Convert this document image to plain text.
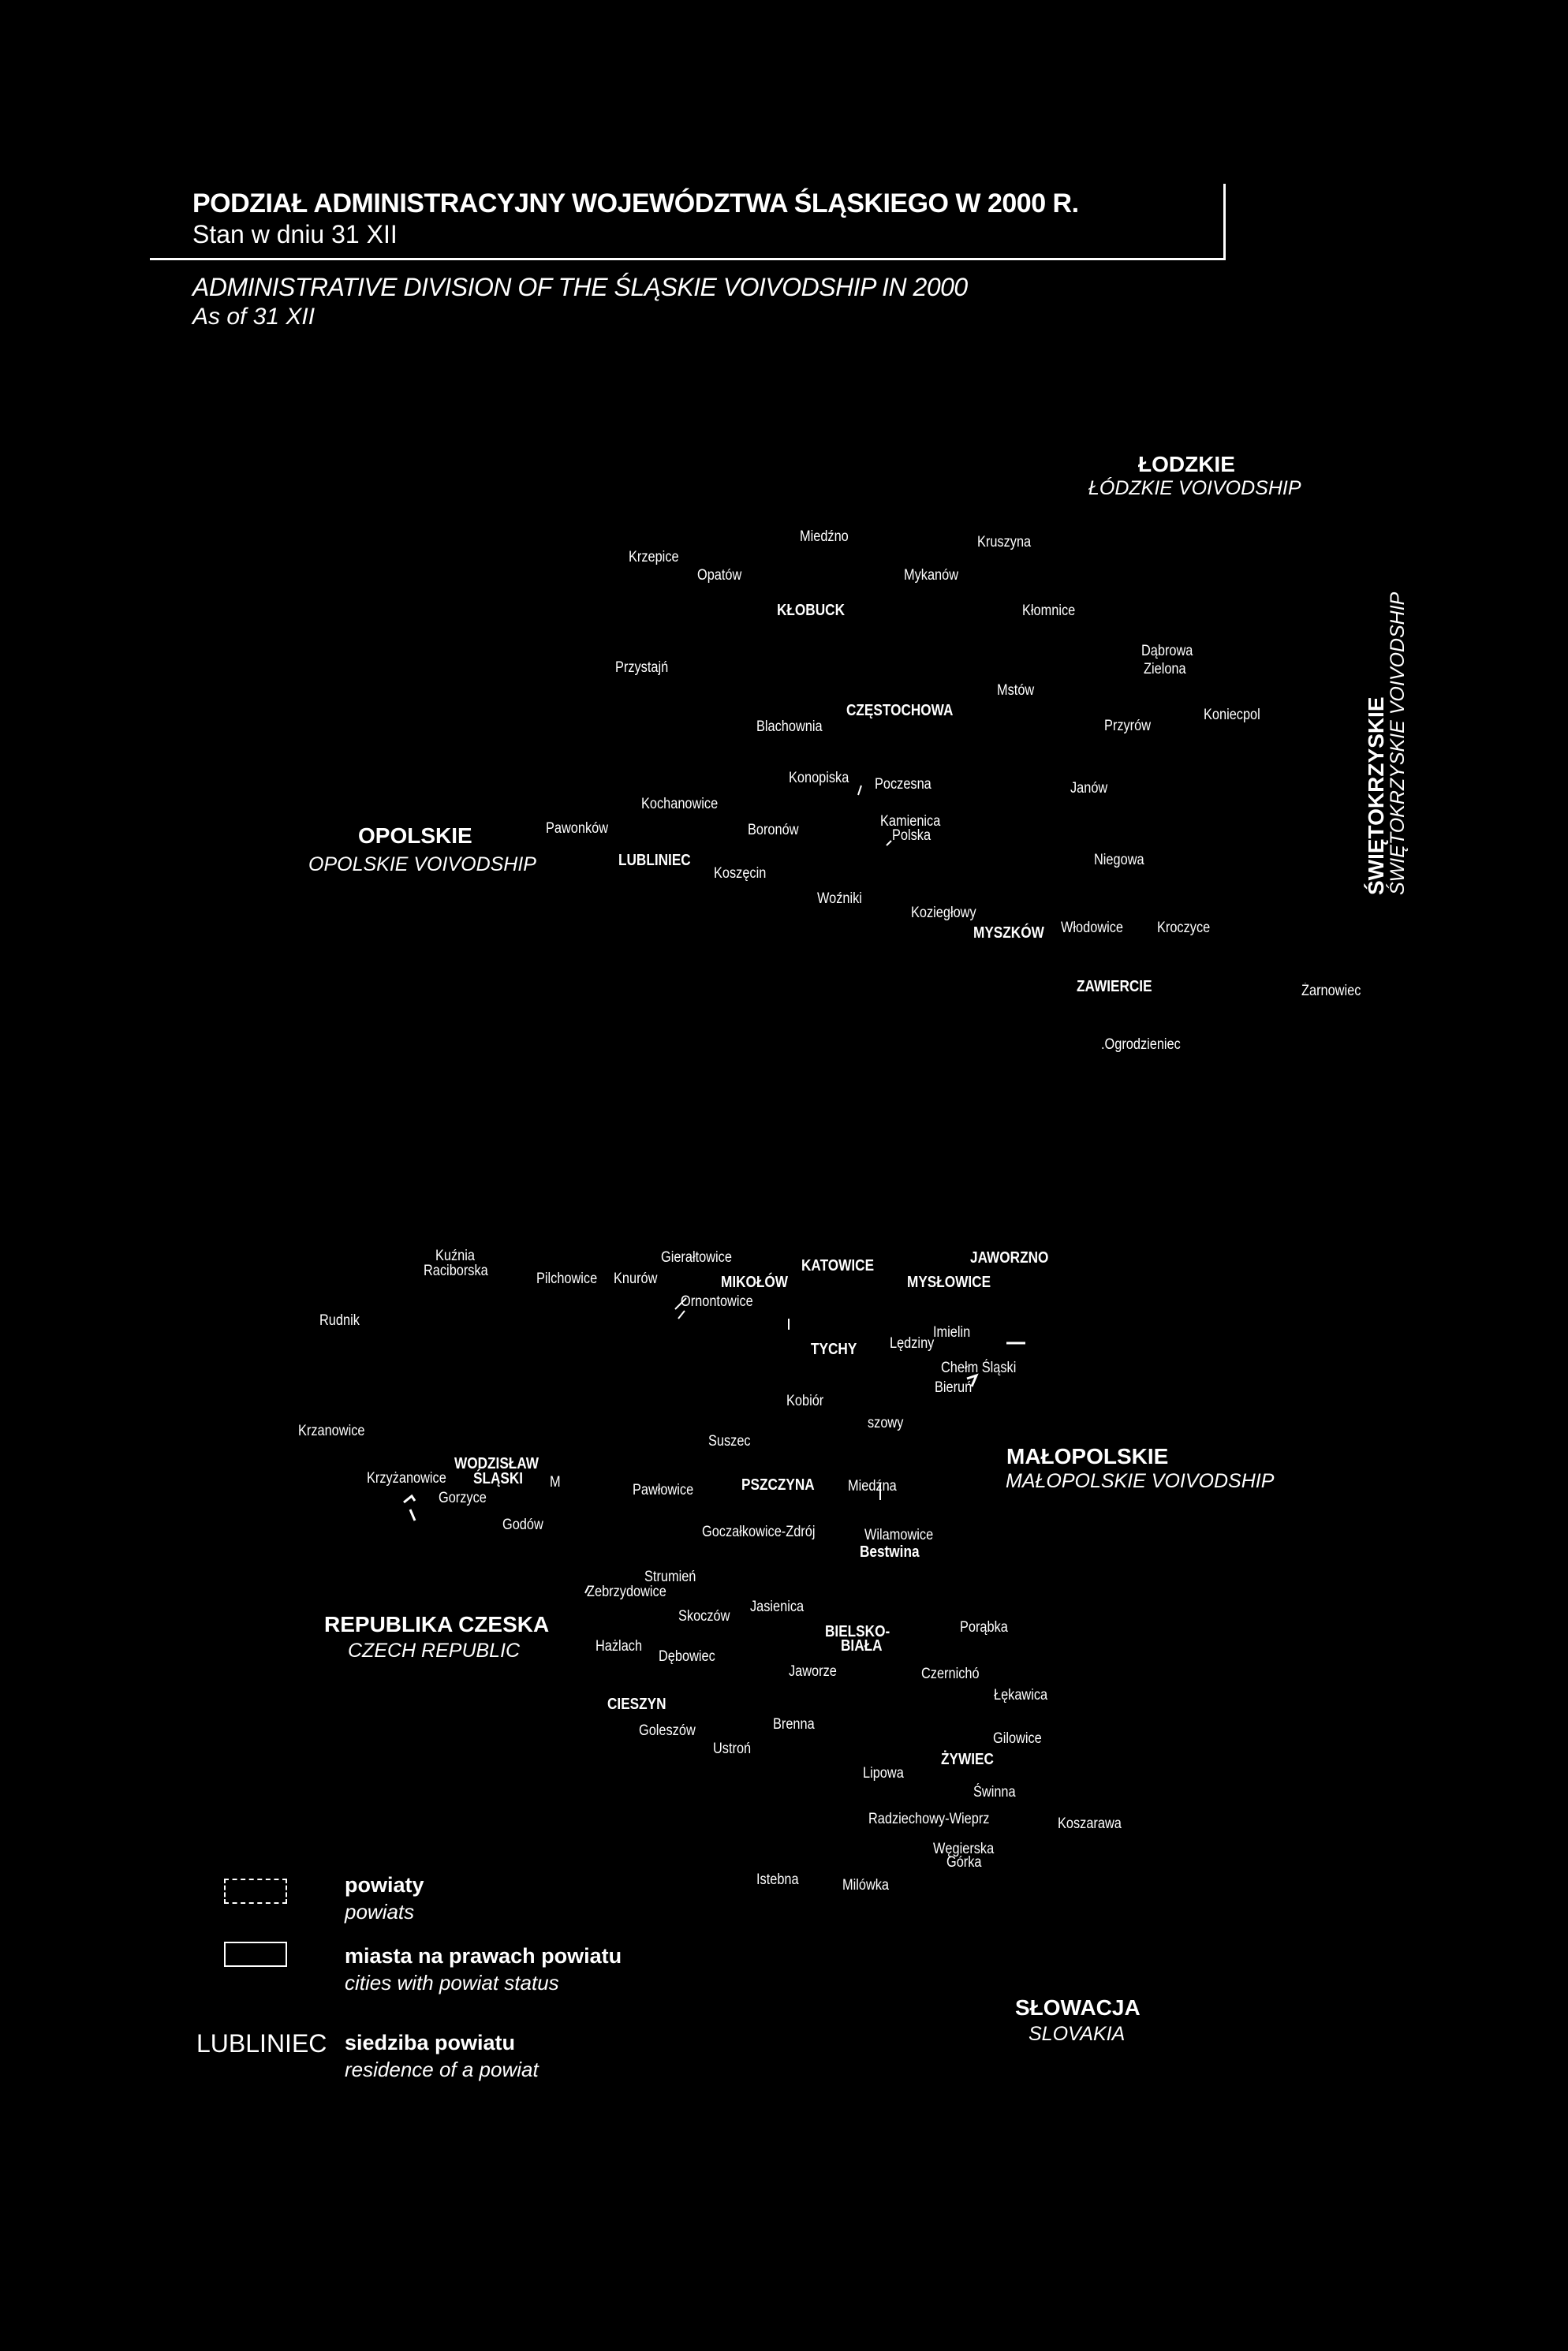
PODZIAŁ ADMINISTRACYJNY WOJEWÓDZTWA ŚLĄSKIEGO W 2000 R.
Stan w dniu 31 XII
ADMINISTRATIVE DIVISION OF THE ŚLĄSKIE VOIVODSHIP IN 2000
As of 31 XII
ŁODZKIE
ŁÓDZKIE VOIVODSHIP
OPOLSKIE
OPOLSKIE VOIVODSHIP	ŚWIĘTOKRZYSKIE
ŚWIĘTOKRZYSKIE VOIVODSHIP
MAŁOPOLSKIE
MAŁOPOLSKIE VOIVODSHIP
REPUBLIKA CZESKA
CZECH REPUBLIC
SŁOWACJA
SLOVAKIA
Krzepice
Opatów
Miedźno
Mykanów
Kruszyna
Kłomnice
Przystajń
Blachownia
Mstów
Dąbrowa
Zielona
Przyrów
Koniecpol
Konopiska Poczesna
Kochanowice
Janów
Pawonków	Boronów
Kamienica
Polska
Niegowa
Koszęcin
Woźniki
Koziegłowy
Włodowice Kroczyce
Żarnowiec
.Ogrodzieniec
Kuźnia
Raciborska	Pilchowice Knurów
Gierałtowice
Ornontowice
Rudnik
Imielin
Lędziny
Chełm Śląski
Bieruń
Kobiór
szowy
Krzanowice
Suszec
Krzyżanowice	M
Gorzyce	Pawłowice	Miedźna
Godów	Goczałkowice-Zdrój	Wilamowice
Strumień
Zebrzydowice
Skoczów
Jasienica
Porąbka
Hażlach
Dębowiec
Jaworze	Czernichó
Łękawica
Goleszów	Brenna
Gilowice
Ustroń
Lipowa
Świnna
Radziechowy-Wieprz	Koszarawa
Węgierska
Górka
Istebna	Milówka
KŁOBUCK
CZĘSTOCHOWA
LUBLINIEC
MYSZKÓW
ZAWIERCIE
KATOWICE	JAWORZNO
MIKOŁÓW	MYSŁOWICE
TYCHY
WODZISŁAW
ŚLĄSKI	PSZCZYNA
Bestwina
BIELSKO-
BIAŁA
CIESZYN
ŻYWIEC
powiaty
powiats
miasta na prawach powiatu
cities with powiat status
LUBLINIEC siedziba powiatu
residence of a powiat
